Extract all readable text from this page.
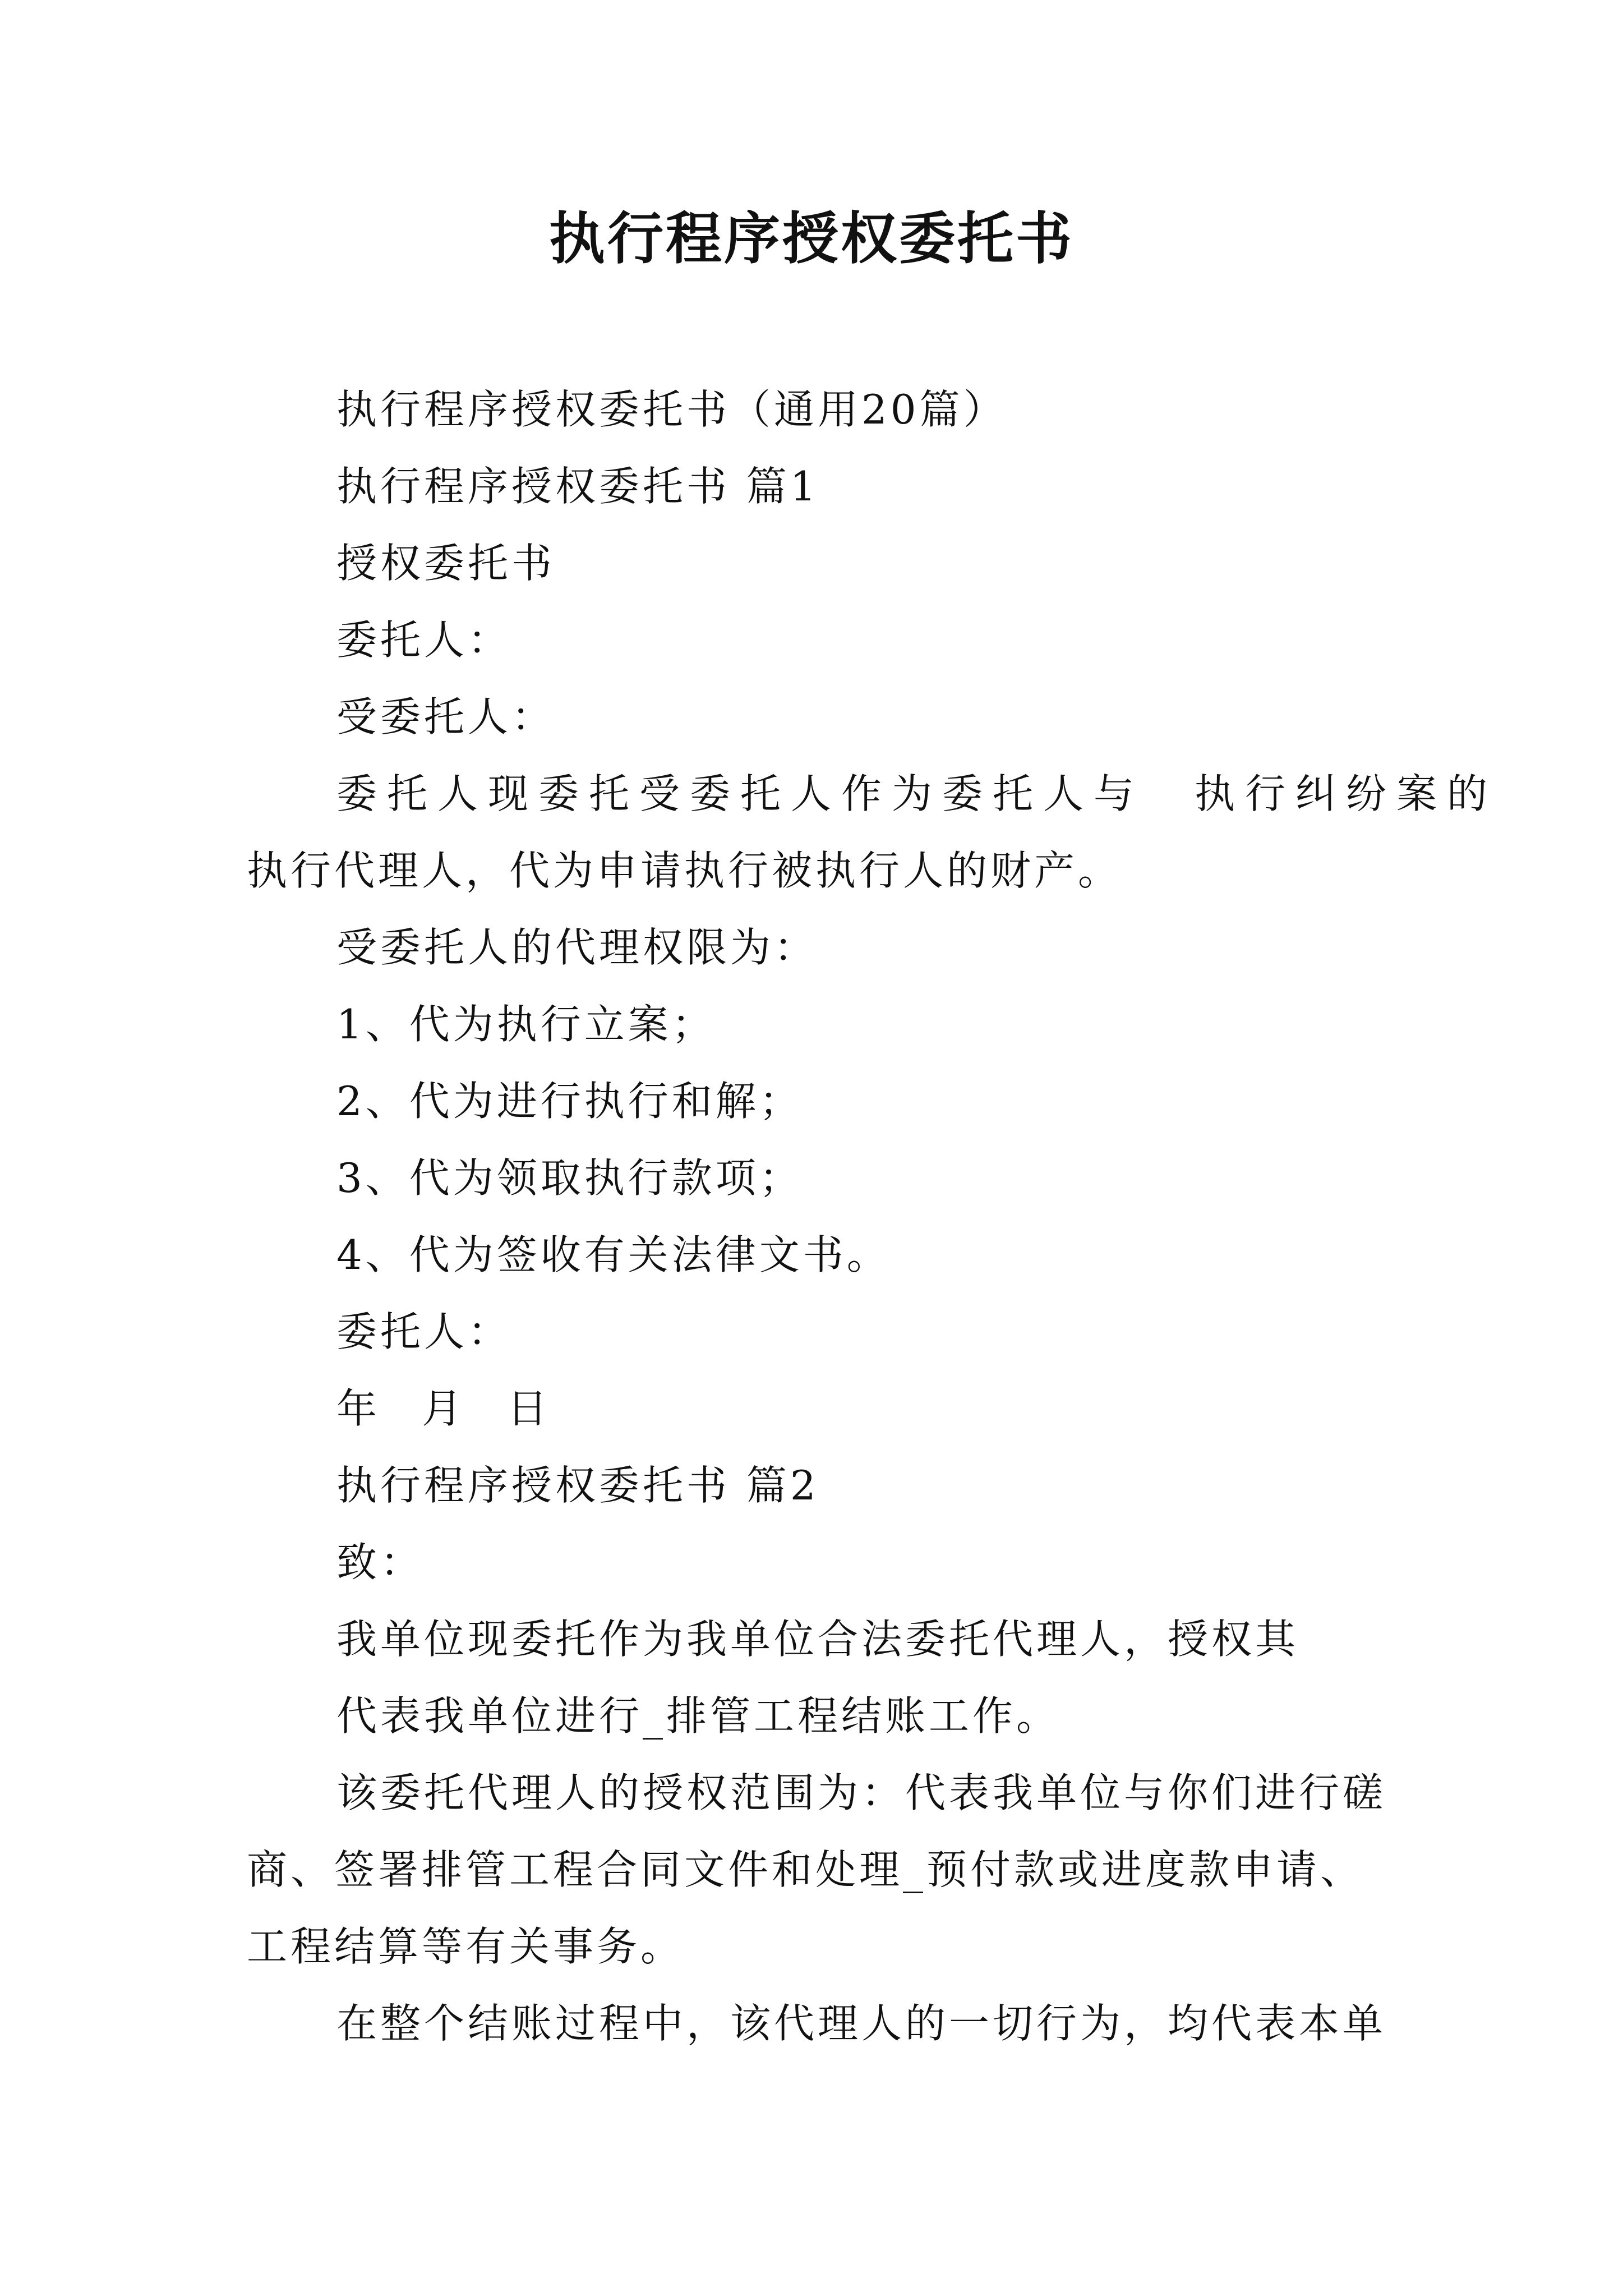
执行程序授权委托书
执行程序授权委托书（通用20篇）
执行程序授权委托书 篇1
授权委托书
委托人：
受委托人：
委托人现委托受委托人作为委托人与　执行纠纷案的
执行代理人，代为申请执行被执行人的财产。
受委托人的代理权限为：
1、代为执行立案；
2、代为进行执行和解；
3、代为领取执行款项；
4、代为签收有关法律文书。
委托人：
年 月 日
执行程序授权委托书 篇2
致：
我单位现委托作为我单位合法委托代理人，授权其
代表我单位进行_排管工程结账工作。
该委托代理人的授权范围为：代表我单位与你们进行磋
商、签署排管工程合同文件和处理_预付款或进度款申请、
工程结算等有关事务。
在整个结账过程中，该代理人的一切行为，均代表本单
